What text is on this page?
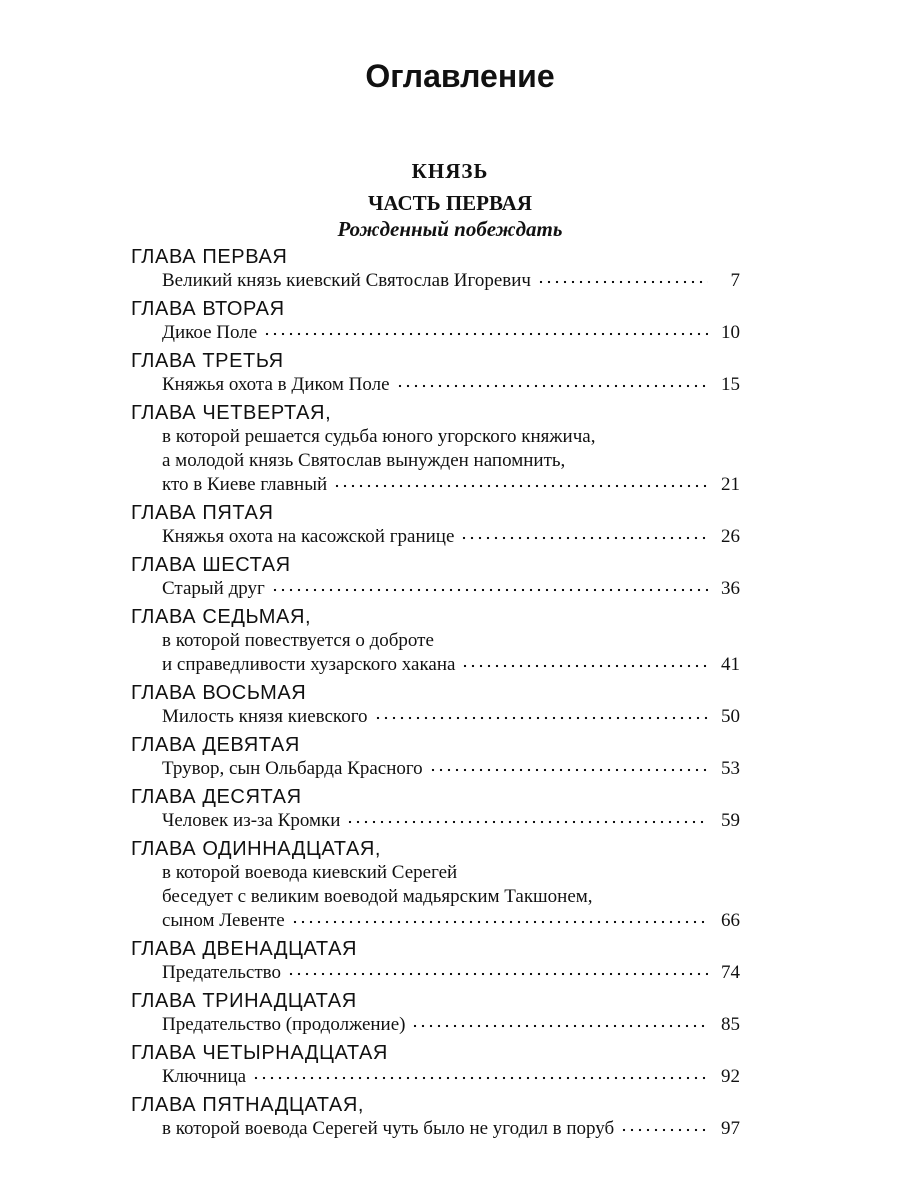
Оглавление
КНЯЗЬ
ЧАСТЬ ПЕРВАЯ
Рожденный побеждать
ГЛАВА ПЕРВАЯ
Великий князь киевский Святослав Игоревич	7
ГЛАВА ВТОРАЯ
Дикое Поле	10
ГЛАВА ТРЕТЬЯ
Княжья охота в Диком Поле	15
ГЛАВА ЧЕТВЕРТАЯ,
в которой решается судьба юного угорского княжича,
а молодой князь Святослав вынужден напомнить,
кто в Киеве главный	21
ГЛАВА ПЯТАЯ
Княжья охота на касожской границе	26
ГЛАВА ШЕСТАЯ
Старый друг	36
ГЛАВА СЕДЬМАЯ,
в которой повествуется о доброте
и справедливости хузарского хакана	41
ГЛАВА ВОСЬМАЯ
Милость князя киевского	50
ГЛАВА ДЕВЯТАЯ
Трувор, сын Ольбарда Красного	53
ГЛАВА ДЕСЯТАЯ
Человек из-за Кромки	59
ГЛАВА ОДИННАДЦАТАЯ,
в которой воевода киевский Серегей
беседует с великим воеводой мадьярским Такшонем,
сыном Левенте	66
ГЛАВА ДВЕНАДЦАТАЯ
Предательство	74
ГЛАВА ТРИНАДЦАТАЯ
Предательство (продолжение)	85
ГЛАВА ЧЕТЫРНАДЦАТАЯ
Ключница	92
ГЛАВА ПЯТНАДЦАТАЯ,
в которой воевода Серегей чуть было не угодил в поруб	97
